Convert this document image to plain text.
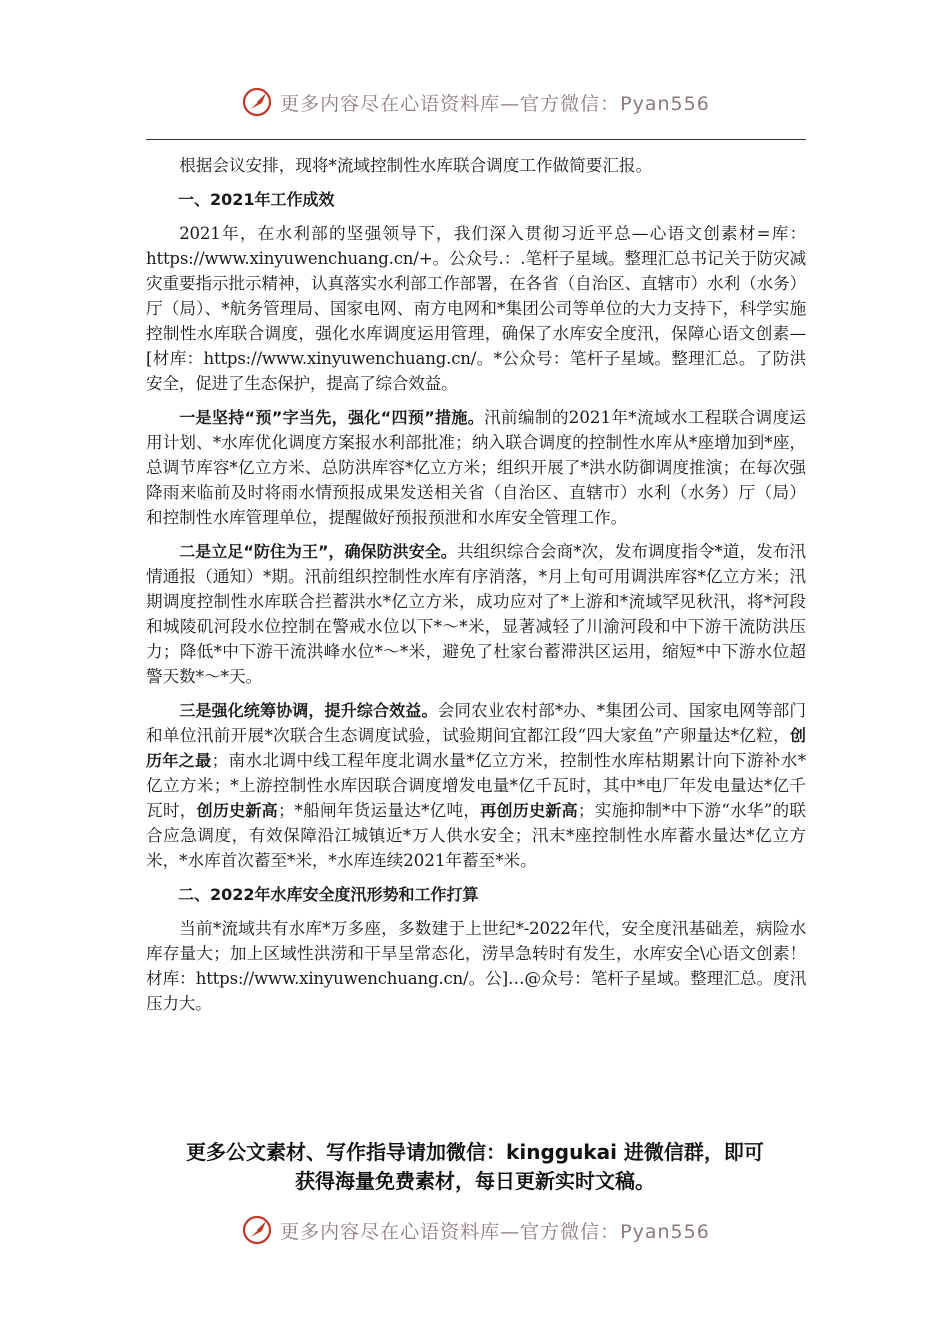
更多内容尽在心语资料库—官方微信：Pyan556

根据会议安排，现将*流域控制性水库联合调度工作做简要汇报。

一、2021年工作成效

2021年，在水利部的坚强领导下，我们深入贯彻习近平总—心语文创素材=库：https://www.xinyuwenchuang.cn/+。公众号.：.笔杆子星域。整理汇总书记关于防灾减灾重要指示批示精神，认真落实水利部工作部署，在各省（自治区、直辖市）水利（水务）厅（局）、*航务管理局、国家电网、南方电网和*集团公司等单位的大力支持下，科学实施控制性水库联合调度，强化水库调度运用管理，确保了水库安全度汛，保障心语文创素—[材库：https://www.xinyuwenchuang.cn/。*公众号：笔杆子星域。整理汇总。了防洪安全，促进了生态保护，提高了综合效益。

一是坚持“预”字当先，强化“四预”措施。汛前编制的2021年*流域水工程联合调度运用计划、*水库优化调度方案报水利部批准；纳入联合调度的控制性水库从*座增加到*座，总调节库容*亿立方米、总防洪库容*亿立方米；组织开展了*洪水防御调度推演；在每次强降雨来临前及时将雨水情预报成果发送相关省（自治区、直辖市）水利（水务）厅（局）和控制性水库管理单位，提醒做好预报预泄和水库安全管理工作。

二是立足“防住为王”，确保防洪安全。共组织综合会商*次，发布调度指令*道，发布汛情通报（通知）*期。汛前组织控制性水库有序消落，*月上旬可用调洪库容*亿立方米；汛期调度控制性水库联合拦蓄洪水*亿立方米，成功应对了*上游和*流域罕见秋汛，将*河段和城陵矶河段水位控制在警戒水位以下*～*米，显著减轻了川渝河段和中下游干流防洪压力；降低*中下游干流洪峰水位*～*米，避免了杜家台蓄滞洪区运用，缩短*中下游水位超警天数*～*天。

三是强化统筹协调，提升综合效益。会同农业农村部*办、*集团公司、国家电网等部门和单位汛前开展*次联合生态调度试验，试验期间宜都江段“四大家鱼”产卵量达*亿粒，创历年之最；南水北调中线工程年度北调水量*亿立方米，控制性水库枯期累计向下游补水*亿立方米；*上游控制性水库因联合调度增发电量*亿千瓦时，其中*电厂年发电量达*亿千瓦时，创历史新高；*船闸年货运量达*亿吨，再创历史新高；实施抑制*中下游“水华”的联合应急调度，有效保障沿江城镇近*万人供水安全；汛末*座控制性水库蓄水量达*亿立方米，*水库首次蓄至*米，*水库连续2021年蓄至*米。

二、2022年水库安全度汛形势和工作打算

当前*流域共有水库*万多座，多数建于上世纪*-2022年代，安全度汛基础差，病险水库存量大；加上区域性洪涝和干旱呈常态化，涝旱急转时有发生，水库安全\心语文创素！材库：https://www.xinyuwenchuang.cn/。公]…@众号：笔杆子星域。整理汇总。度汛压力大。

更多公文素材、写作指导请加微信：kinggukai 进微信群，即可
获得海量免费素材，每日更新实时文稿。
更多内容尽在心语资料库—官方微信：Pyan556
